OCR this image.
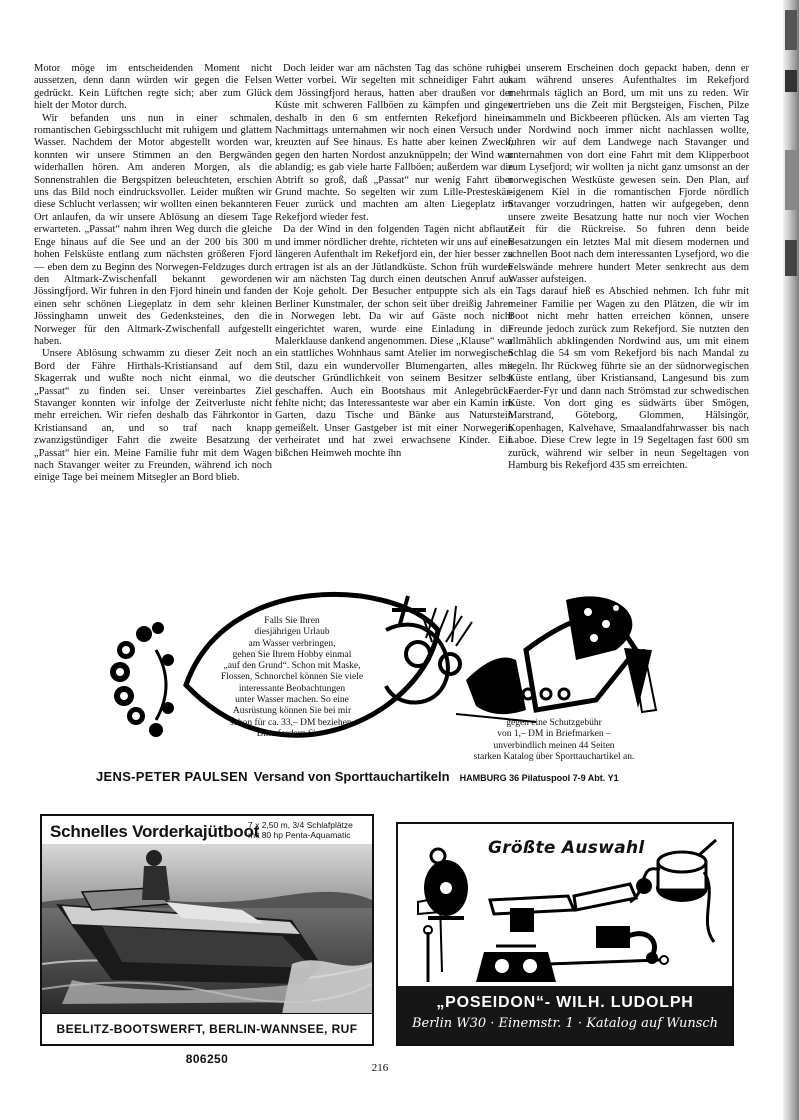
Motor möge im entscheidenden Moment nicht aussetzen, denn dann würden wir gegen die Felsen gedrückt. Kein Lüftchen regte sich; aber zum Glück hielt der Motor durch.

Wir befanden uns nun in einer schmalen, romantischen Gebirgsschlucht mit ruhigem und glattem Wasser. Nachdem der Motor abgestellt worden war, konnten wir unsere Stimmen an den Bergwänden widerhallen hören. Am anderen Morgen, als die Sonnenstrahlen die Bergspitzen beleuchteten, erschien uns das Bild noch eindrucksvoller. Leider mußten wir diese Schlucht verlassen; wir wollten einen bekannteren Ort anlaufen, da wir unsere Ablösung an diesem Tage erwarteten. „Passat“ nahm ihren Weg durch die gleiche Enge hinaus auf die See und an der 200 bis 300 m hohen Felsküste entlang zum nächsten größeren Fjord — eben dem zu Beginn des Norwegen-Feldzuges durch den Altmark-Zwischenfall bekannt gewordenen Jössingfjord. Wir fuhren in den Fjord hinein und fanden einen sehr schönen Liegeplatz in dem sehr kleinen Jössinghamn unweit des Gedenksteines, den die Norweger für den Altmark-Zwischenfall aufgestellt haben.

Unsere Ablösung schwamm zu dieser Zeit noch an Bord der Fähre Hirthals-Kristiansand auf dem Skagerrak und wußte noch nicht einmal, wo die „Passat“ zu finden sei. Unser vereinbartes Ziel Stavanger konnten wir infolge der Zeitverluste nicht mehr erreichen. Wir riefen deshalb das Fährkontor in Kristiansand an, und so traf nach knapp zwanzigstündiger Fahrt die zweite Besatzung der „Passat“ hier ein. Meine Familie fuhr mit dem Wagen nach Stavanger weiter zu Freunden, während ich noch einige Tage bei meinem Mitsegler an Bord blieb.

Doch leider war am nächsten Tag das schöne ruhige Wetter vorbei. Wir segelten mit schneidiger Fahrt aus dem Jössingfjord heraus, hatten aber draußen vor der Küste mit schweren Fallböen zu kämpfen und gingen deshalb in den 6 sm entfernten Rekefjord hinein. Nachmittags unternahmen wir noch einen Versuch und kreuzten auf See hinaus. Es hatte aber keinen Zweck, gegen den harten Nordost anzuknüppeln; der Wind war ablandig; es gab viele harte Fallböen; außerdem war die Abtrift so groß, daß „Passat“ nur wenig Fahrt über Grund machte. So segelten wir zum Lille-Presteskär-Feuer zurück und machten am alten Liegeplatz im Rekefjord wieder fest.

Da der Wind in den folgenden Tagen nicht abflaute und immer nördlicher drehte, richteten wir uns auf einen längeren Aufenthalt im Rekefjord ein, der hier besser zu ertragen ist als an der Jütlandküste. Schon früh wurden wir am nächsten Tag durch einen deutschen Anruf aus der Koje geholt. Der Besucher entpuppte sich als ein Berliner Kunstmaler, der schon seit über dreißig Jahren in Norwegen lebt. Da wir auf Gäste noch nicht eingerichtet waren, wurde eine Einladung in die Malerklause dankend angenommen. Diese „Klause“ war ein stattliches Wohnhaus samt Atelier im norwegischen Stil, dazu ein wundervoller Blumengarten, alles mit deutscher Gründlichkeit von seinem Besitzer selbst geschaffen. Auch ein Bootshaus mit Anlegebrücke fehlte nicht; das Interessanteste war aber ein Kamin im Garten, dazu Tische und Bänke aus Naturstein gemeißelt. Unser Gastgeber ist mit einer Norwegerin verheiratet und hat zwei erwachsene Kinder. Ein bißchen Heimweh mochte ihn

bei unserem Erscheinen doch gepackt haben, denn er kam während unseres Aufenthaltes im Rekefjord mehrmals täglich an Bord, um mit uns zu reden. Wir vertrieben uns die Zeit mit Bergsteigen, Fischen, Pilze sammeln und Bickbeeren pflücken. Als am vierten Tag der Nordwind noch immer nicht nachlassen wollte, fuhren wir auf dem Landwege nach Stavanger und unternahmen von dort eine Fahrt mit dem Klipperboot zum Lysefjord; wir wollten ja nicht ganz umsonst an der norwegischen Westküste gewesen sein. Den Plan, auf eigenem Kiel in die romantischen Fjorde nördlich Stavanger vorzudringen, hatten wir aufgegeben, denn unsere zweite Besatzung hatte nur noch vier Wochen Zeit für die Rückreise. So fuhren denn beide Besatzungen ein letztes Mal mit diesem modernen und schnellen Boot nach dem interessanten Lysefjord, wo die Felswände mehrere hundert Meter senkrecht aus dem Wasser aufsteigen.

Tags darauf hieß es Abschied nehmen. Ich fuhr mit meiner Familie per Wagen zu den Plätzen, die wir im Boot nicht mehr hatten erreichen können, unsere Freunde jedoch zurück zum Rekefjord. Sie nutzten den allmählich abklingenden Nordwind aus, um mit einem Schlag die 54 sm vom Rekefjord bis nach Mandal zu segeln. Ihr Rückweg führte sie an der südnorwegischen Küste entlang, über Kristiansand, Langesund bis zum Faerder-Fyr und dann nach Strömstad zur schwedischen Küste. Von dort ging es südwärts über Smögen, Marstrand, Göteborg, Glommen, Hälsingör, Kopenhagen, Kalvehave, Smaalandfahrwasser bis nach Laboe. Diese Crew legte in 19 Segeltagen fast 600 sm zurück, während wir selber in neun Segeltagen von Hamburg bis Rekefjord 435 sm erreichten.

Falls Sie Ihren
diesjährigen Urlaub
am Wasser verbringen,
gehen Sie Ihrem Hobby einmal
„auf den Grund“. Schon mit Maske,
Flossen, Schnorchel können Sie viele
interessante Beobachtungen
unter Wasser machen. So eine
Ausrüstung können Sie bei mir
schon für ca. 33,– DM beziehen.
Bitte fordern Sie –
gegen eine Schutzgebühr
von 1,– DM in Briefmarken –
unverbindlich meinen 44 Seiten
starken Katalog über Sporttauchartikel an.
JENS-PETER PAULSEN Versand von Sporttauchartikeln HAMBURG 36 Pilatuspool 7-9 Abt. Y1
Schnelles Vorderkajütboot
7 x 2,50 m, 3/4 Schlafplätze
mit 80 hp Penta-Aquamatic
BEELITZ-BOOTSWERFT, BERLIN-WANNSEE, RUF 806250
Größte Auswahl
„POSEIDON“- WILH. LUDOLPH
Berlin W30 · Einemstr. 1 · Katalog auf Wunsch
216
